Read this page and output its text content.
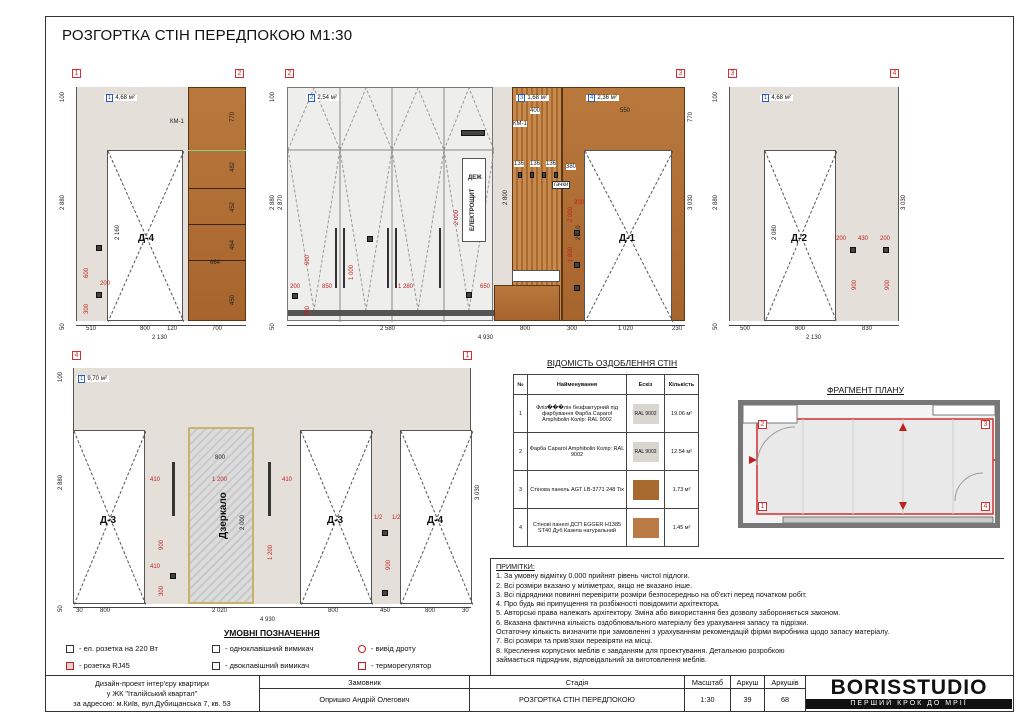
РОЗГОРТКА СТІН ПЕРЕДПОКОЮ М1:30
1	2
1 4,68 м²
КМ-1
Д-4
100
2 880
50
2 160
770
482
452
464
450
664
600
200
300
510	800	120	700
2 130
2	3
2 2,54 м²
ДЕЖ
ЕЛЕКТРОЩИТ
3 1,68 м²	4 2,36 м²
КМ-1
гачки
Д-1
100
2 880 2 870
50
3 030
770
2 800
2 110
2 000
900
1 000
1 280
850	650
200
300
1 800
2 000
200
400	550
380
136 136 136
2 580	800	300	1 020	230
4 930
3	4
1 4,68 м²
Д-2	200 430 200
900	900
100
2 880
50
3 030
2 080
500	800	830
2 130
4	1
1 9,70 м²
Д-3	Дзеркало	Д-3	Д-4
800
1 200
410	410
2 000
900	1 200
300
410
1/2 1/2
900
100
2 880
50
3 030
30	800	2 020	800	450	800	30
4 930
ВІДОМІСТЬ ОЗДОБЛЕННЯ СТІН
№	Найменування	Ескіз	Кількість
1	Фліз���лін безфактурний під фарбування Фарба Caparol Amphibolin Колір: RAL 9002	RAL 9002	19.06 м²
2	Фарба Caparol Amphibolin Колір: RAL 9002	RAL 9002	12.54 м²
3	Стінова панель AGT LB-3771 248 Тік		1.73 м²
4	Стінові панелі ДСП EGGER H1385 ST40 Дуб Казела натуральний		1.45 м²
ФРАГМЕНТ ПЛАНУ
2	3
1	4
ПРИМІТКИ:
1. За умовну відмітку 0.000 прийнят рівень чистої підлоги.
2. Всі розміри вказано у міліметрах, якщо не вказано інше.
3. Всі підрядники повинні перевірити розміри безпосередньо на об'єкті перед початком робіт.
4. Про будь які припущення та розбіжності повідомити архітектора.
5. Авторські права належать архітектору. Зміна або використання без дозволу забороняється законом.
6. Вказана фактична кількість оздоблювального матеріалу без урахування запасу та підрізки.
Остаточну кількість визначити при замовленні з урахуванням рекомендацій фірми виробника щодо запасу матеріалу.
7. Всі розміри та прив'язки перевіряти на місці.
8. Креслення корпусних меблів є завданням для проектування. Детальною розробкою
займається підрядник, відповідальний за виготовлення меблів.
УМОВНІ ПОЗНАЧЕННЯ
- ел. розетка на 220 Вт	- одноклавішний вимикач	- вивід дроту
- розетка RJ45	- двоклавішний вимикач	- терморегулятор
Дизайн-проект інтер'єру квартири
у ЖК "Італійський квартал"
за адресою: м.Київ, вул.Дубищанська 7, кв. 53
Замовник
Опришко Андрій Олегович
Стадія
РОЗГОРТКА СТІН ПЕРЕДПОКОЮ
Масштаб
1:30
Аркуш
39
Аркушів
68
BORISSTUDIO
ПЕРШИЙ КРОК ДО МРІЇ
